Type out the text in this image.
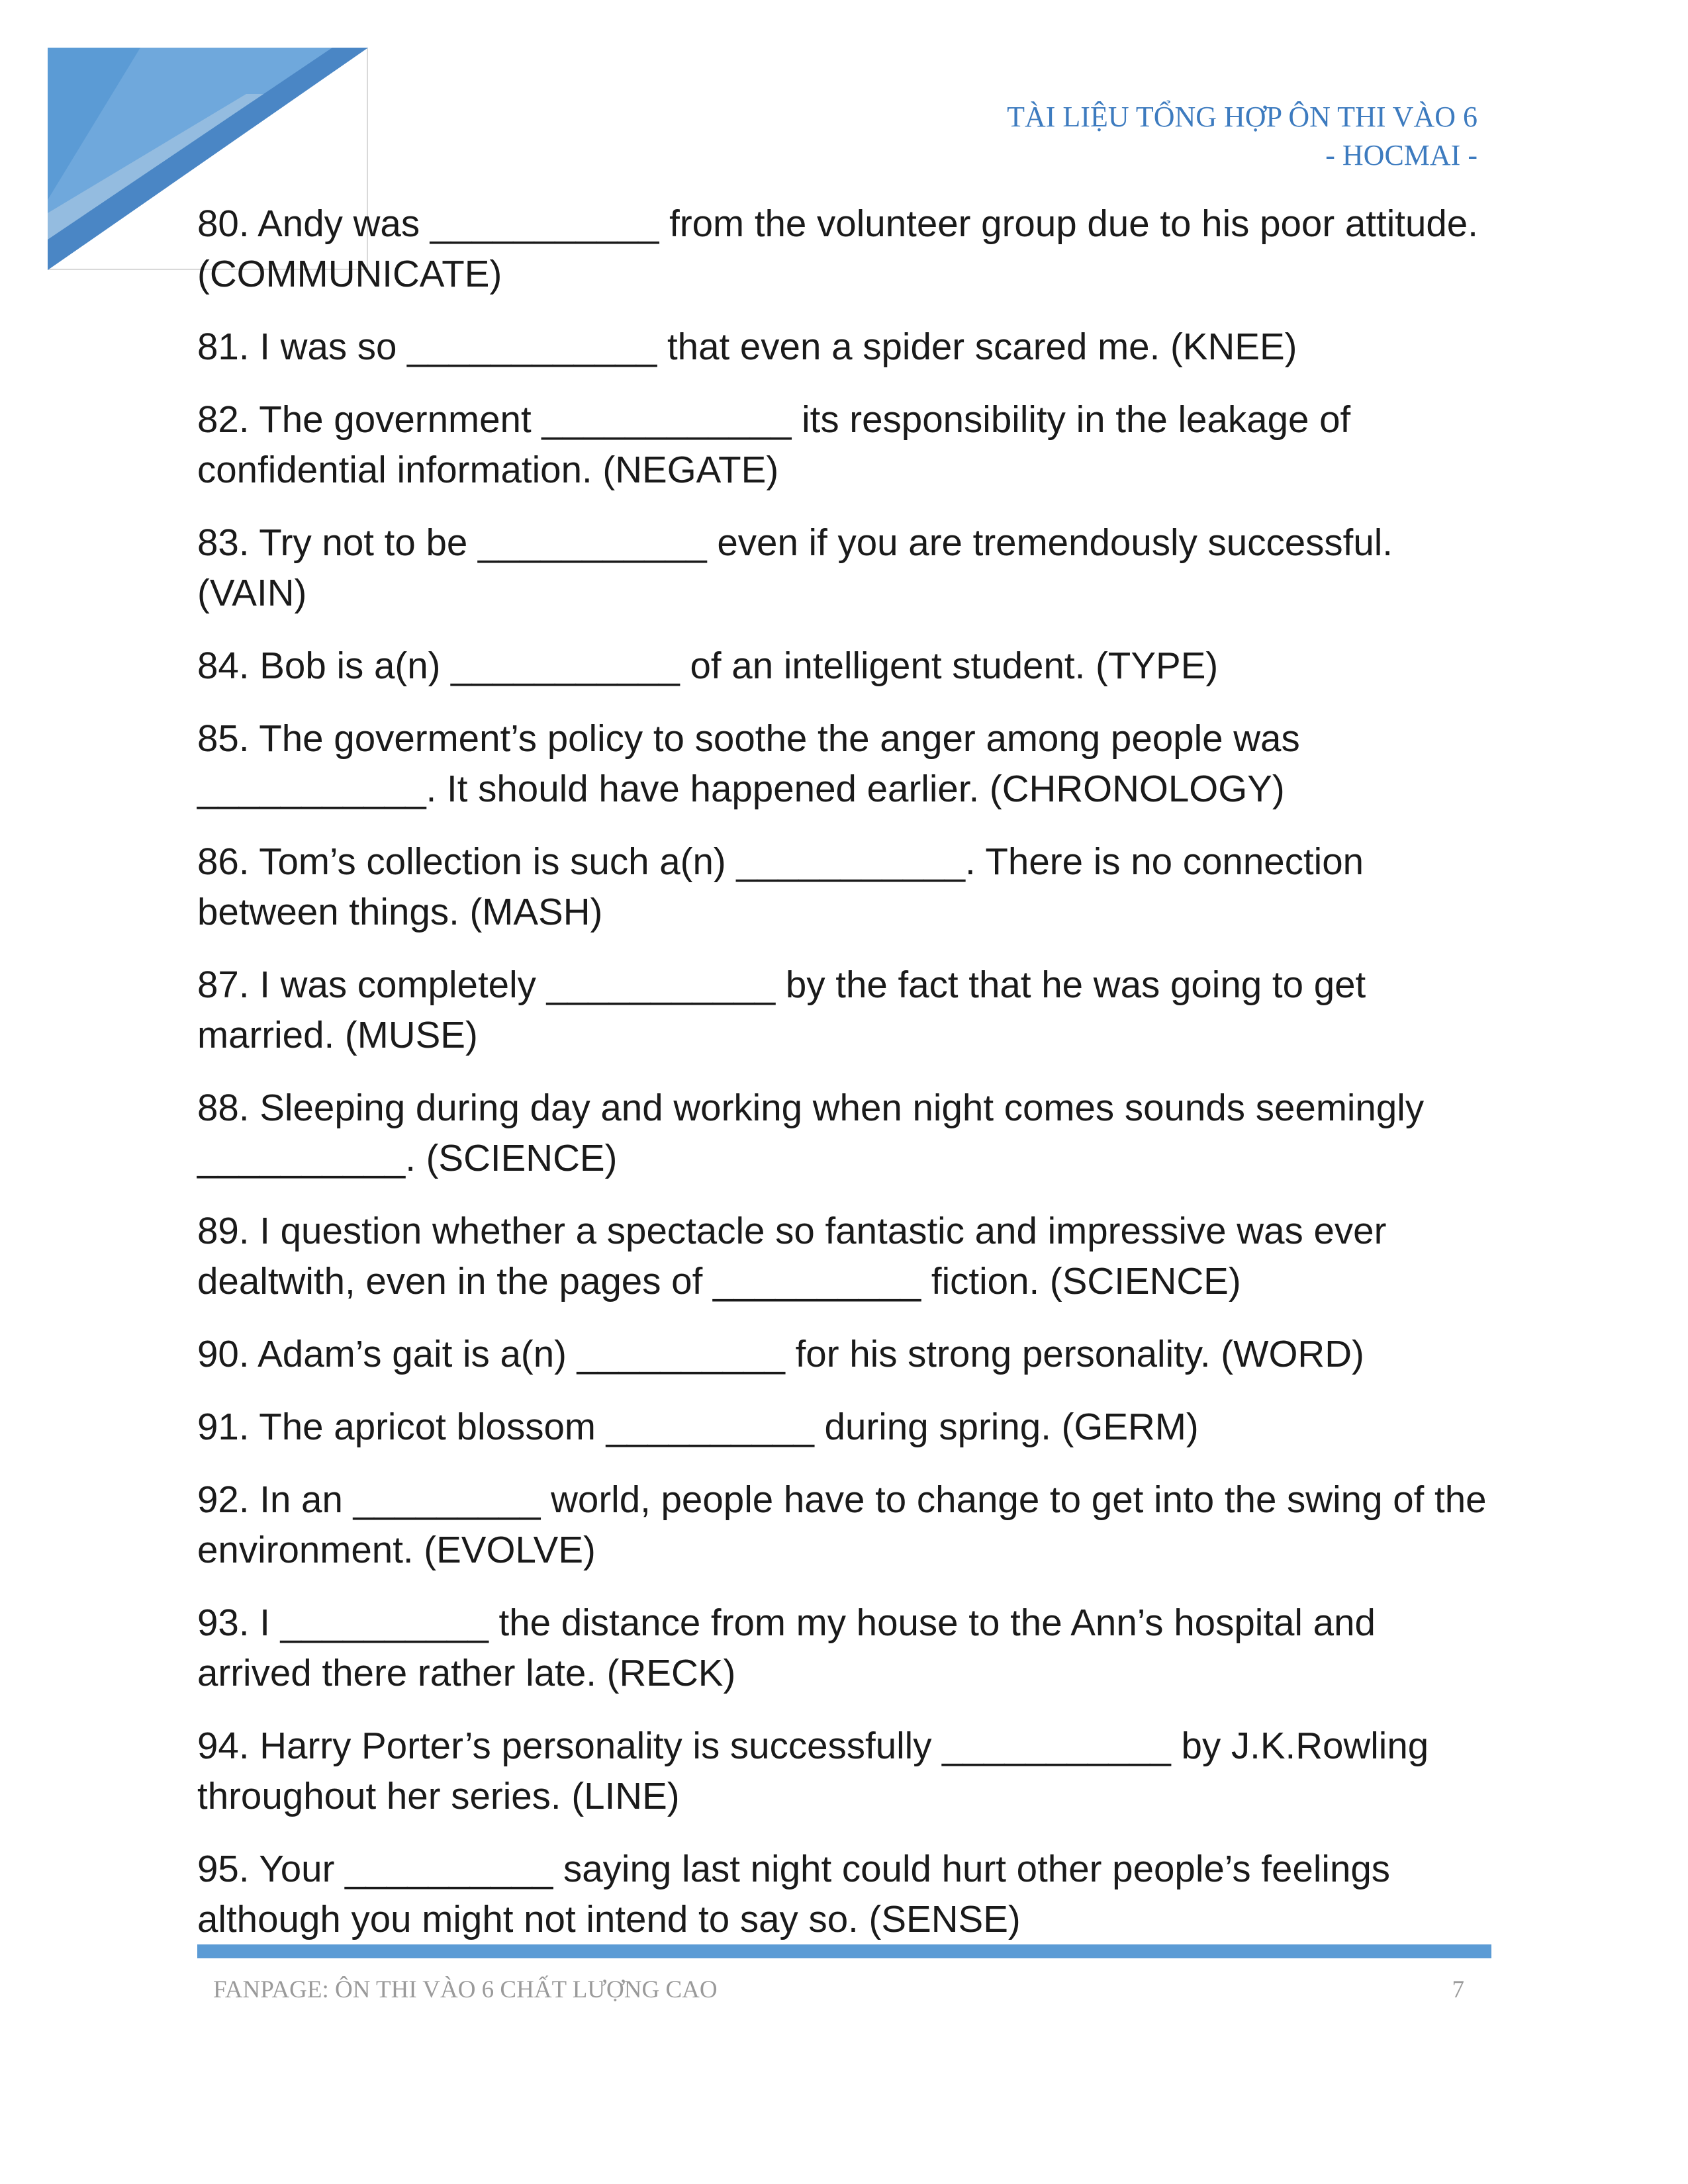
TÀI LIỆU TỔNG HỢP ÔN THI VÀO 6
- HOCMAI -

80. Andy was ___________ from the volunteer group due to his poor attitude. (COMMUNICATE)

81. I was so ____________ that even a spider scared me. (KNEE)

82. The government ____________ its responsibility in the leakage of confidential information. (NEGATE)

83. Try not to be ___________ even if you are tremendously successful. (VAIN)

84. Bob is a(n) ___________ of an intelligent student. (TYPE)

85. The goverment’s policy to soothe the anger among people was ___________. It should have happened earlier. (CHRONOLOGY)

86. Tom’s collection is such a(n) ___________. There is no connection between things. (MASH)

87. I was completely ___________ by the fact that he was going to get married. (MUSE)

88. Sleeping during day and working when night comes sounds seemingly __________. (SCIENCE)

89. I question whether a spectacle so fantastic and impressive was ever dealtwith, even in the pages of __________ fiction. (SCIENCE)

90. Adam’s gait is a(n) __________ for his strong personality. (WORD)

91. The apricot blossom __________ during spring. (GERM)

92. In an _________ world, people have to change to get into the swing of the environment. (EVOLVE)

93. I __________ the distance from my house to the Ann’s hospital and arrived there rather late. (RECK)

94. Harry Porter’s personality is successfully ___________ by J.K.Rowling throughout her series. (LINE)

95. Your __________ saying last night could hurt other people’s feelings although you might not intend to say so. (SENSE)

FANPAGE: ÔN THI VÀO 6 CHẤT LƯỢNG CAO	7
